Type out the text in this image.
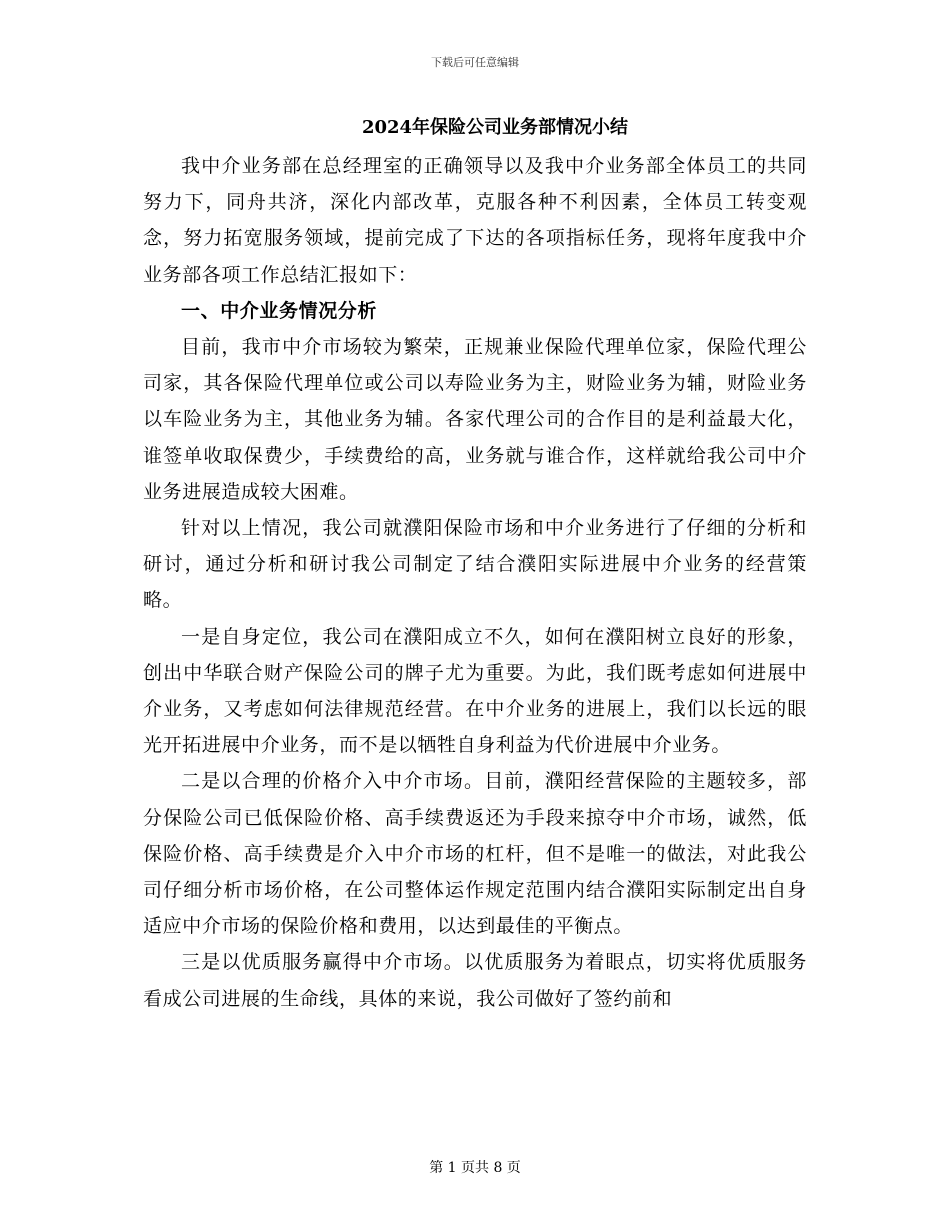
下载后可任意编辑
2024年保险公司业务部情况小结

我中介业务部在总经理室的正确领导以及我中介业务部全体员工的共同努力下，同舟共济，深化内部改革，克服各种不利因素，全体员工转变观念，努力拓宽服务领域，提前完成了下达的各项指标任务，现将年度我中介业务部各项工作总结汇报如下：

一、中介业务情况分析

目前，我市中介市场较为繁荣，正规兼业保险代理单位家，保险代理公司家，其各保险代理单位或公司以寿险业务为主，财险业务为辅，财险业务以车险业务为主，其他业务为辅。各家代理公司的合作目的是利益最大化，谁签单收取保费少，手续费给的高，业务就与谁合作，这样就给我公司中介业务进展造成较大困难。

针对以上情况，我公司就濮阳保险市场和中介业务进行了仔细的分析和研讨，通过分析和研讨我公司制定了结合濮阳实际进展中介业务的经营策略。

一是自身定位，我公司在濮阳成立不久，如何在濮阳树立良好的形象，创出中华联合财产保险公司的牌子尤为重要。为此，我们既考虑如何进展中介业务，又考虑如何法律规范经营。在中介业务的进展上，我们以长远的眼光开拓进展中介业务，而不是以牺牲自身利益为代价进展中介业务。

二是以合理的价格介入中介市场。目前，濮阳经营保险的主题较多，部分保险公司已低保险价格、高手续费返还为手段来掠夺中介市场，诚然，低保险价格、高手续费是介入中介市场的杠杆，但不是唯一的做法，对此我公司仔细分析市场价格，在公司整体运作规定范围内结合濮阳实际制定出自身适应中介市场的保险价格和费用，以达到最佳的平衡点。

三是以优质服务赢得中介市场。以优质服务为着眼点，切实将优质服务看成公司进展的生命线，具体的来说，我公司做好了签约前和

第 1 页共 8 页
